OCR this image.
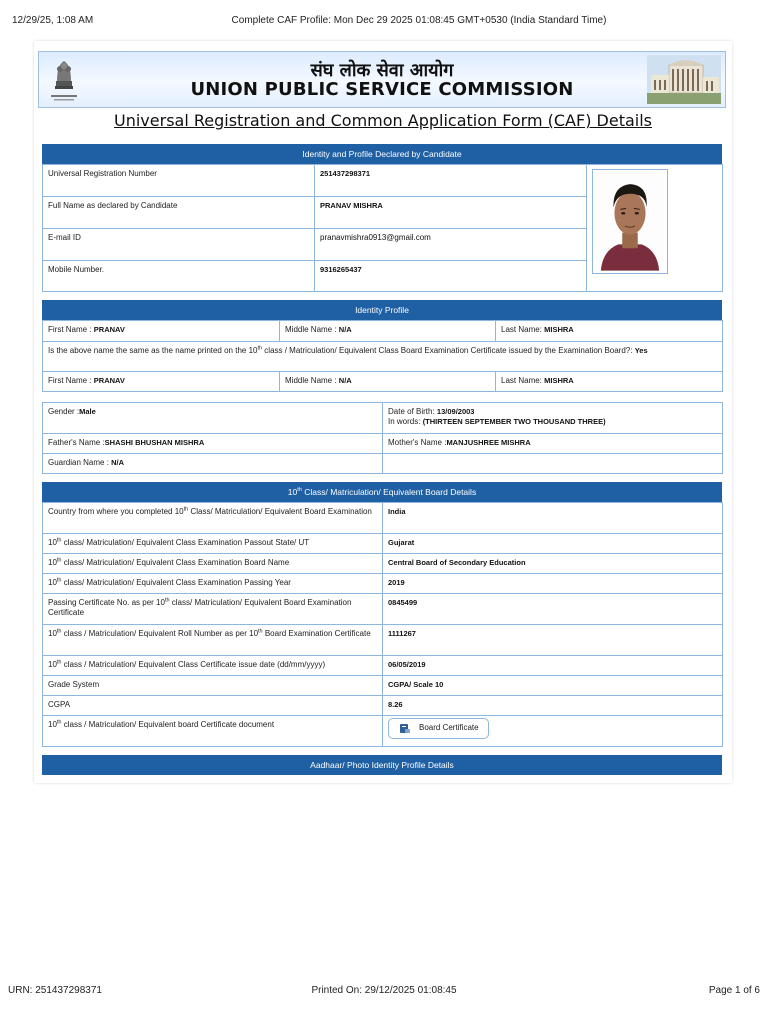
12/29/25, 1:08 AM	Complete CAF Profile: Mon Dec 29 2025 01:08:45 GMT+0530 (India Standard Time)
संघ लोक सेवा आयोग
UNION PUBLIC SERVICE COMMISSION
Universal Registration and Common Application Form (CAF) Details
Identity and Profile Declared by Candidate
Universal Registration Number	251437298371	
Full Name as declared by Candidate	PRANAV MISHRA	
E-mail ID	pranavmishra0913@gmail.com	
Mobile Number.	9316265437	
Identity Profile
First Name : PRANAV	Middle Name : N/A	Last Name: MISHRA
Is the above name the same as the name printed on the 10th class / Matriculation/ Equivalent Class Board Examination Certificate issued by the Examination Board?: Yes		
First Name : PRANAV	Middle Name : N/A	Last Name: MISHRA
Gender :Male	Date of Birth: 13/09/2003
In words: (THIRTEEN SEPTEMBER TWO THOUSAND THREE)
Father's Name :SHASHI BHUSHAN MISHRA	Mother's Name :MANJUSHREE MISHRA
Guardian Name : N/A	
10th Class/ Matriculation/ Equivalent Board Details
Country from where you completed 10th Class/ Matriculation/ Equivalent Board Examination	India
10th class/ Matriculation/ Equivalent Class Examination Passout State/ UT	Gujarat
10th class/ Matriculation/ Equivalent Class Examination Board Name	Central Board of Secondary Education
10th class/ Matriculation/ Equivalent Class Examination Passing Year	2019
Passing Certificate No. as per 10th class/ Matriculation/ Equivalent Board Examination Certificate	0845499
10th class / Matriculation/ Equivalent Roll Number as per 10th Board Examination Certificate	1111267
10th class / Matriculation/ Equivalent Class Certificate issue date (dd/mm/yyyy)	06/05/2019
Grade System	CGPA/ Scale 10
CGPA	8.26
10th class / Matriculation/ Equivalent board Certificate document	Board Certificate
Aadhaar/ Photo Identity Profile Details
URN: 251437298371	Printed On: 29/12/2025 01:08:45	Page 1 of 6
